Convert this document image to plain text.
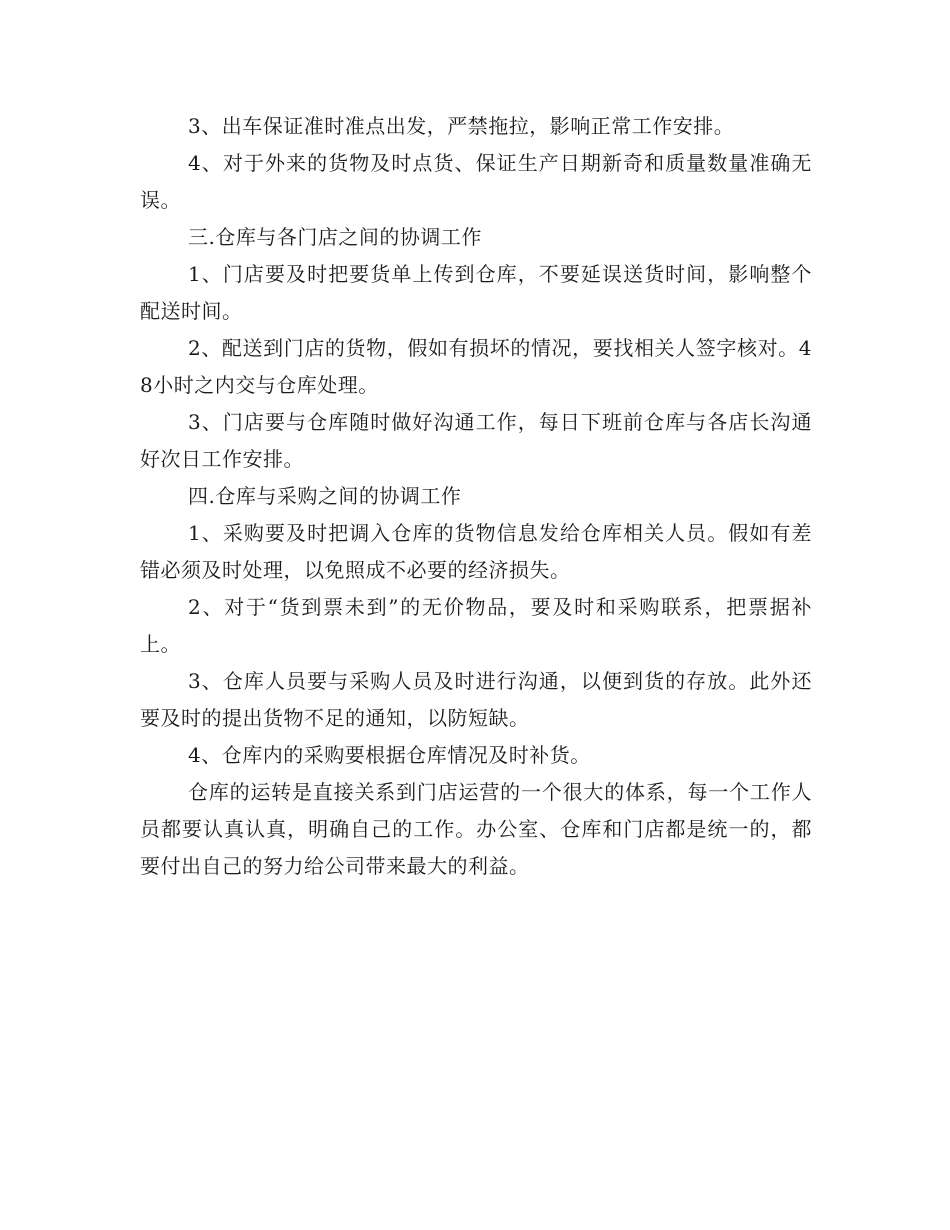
3、出车保证准时准点出发，严禁拖拉，影响正常工作安排。

4、对于外来的货物及时点货、保证生产日期新奇和质量数量准确无误。

三.仓库与各门店之间的协调工作

1、门店要及时把要货单上传到仓库，不要延误送货时间，影响整个配送时间。

2、配送到门店的货物，假如有损坏的情况，要找相关人签字核对。48小时之内交与仓库处理。

3、门店要与仓库随时做好沟通工作，每日下班前仓库与各店长沟通好次日工作安排。

四.仓库与采购之间的协调工作

1、采购要及时把调入仓库的货物信息发给仓库相关人员。假如有差错必须及时处理，以免照成不必要的经济损失。

2、对于“货到票未到”的无价物品，要及时和采购联系，把票据补上。

3、仓库人员要与采购人员及时进行沟通，以便到货的存放。此外还要及时的提出货物不足的通知，以防短缺。

4、仓库内的采购要根据仓库情况及时补货。

仓库的运转是直接关系到门店运营的一个很大的体系，每一个工作人员都要认真认真，明确自己的工作。办公室、仓库和门店都是统一的，都要付出自己的努力给公司带来最大的利益。
